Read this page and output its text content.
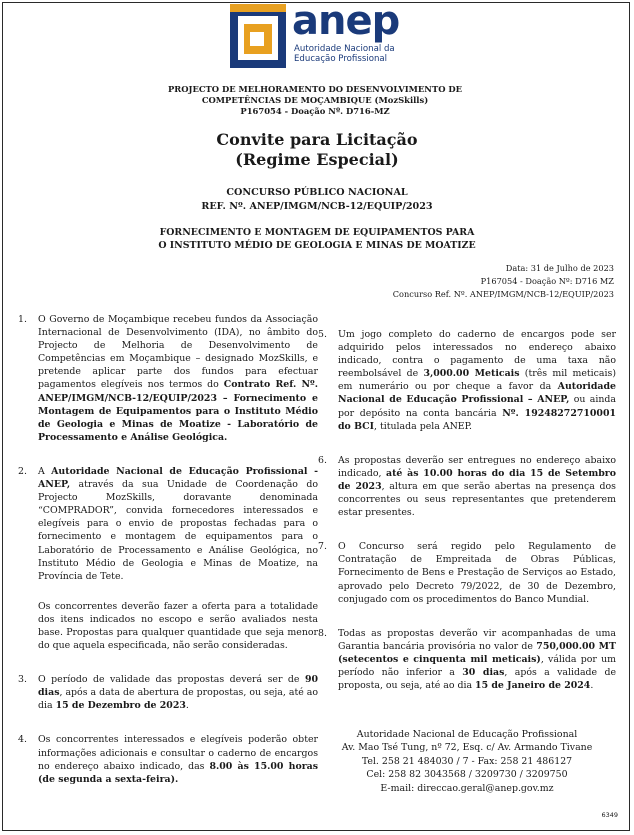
anep
Autoridade Nacional da
Educação Profissional
PROJECTO DE MELHORAMENTO DO DESENVOLVIMENTO DE
COMPETÊNCIAS DE MOÇAMBIQUE (MozSkills)
P167054 - Doação Nº. D716-MZ
Convite para Licitação
(Regime Especial)
CONCURSO PÚBLICO NACIONAL
REF. Nº. ANEP/IMGM/NCB-12/EQUIP/2023
FORNECIMENTO E MONTAGEM DE EQUIPAMENTOS PARA
O INSTITUTO MÉDIO DE GEOLOGIA E MINAS DE MOATIZE
Data: 31 de Julho de 2023
P167054 - Doação Nº: D716 MZ
Concurso Ref. Nº. ANEP/IMGM/NCB-12/EQUIP/2023
1. O Governo de Moçambique recebeu fundos da Associação Internacional de Desenvolvimento (IDA), no âmbito do Projecto de Melhoria de Desenvolvimento de Competências em Moçambique – designado MozSkills, e pretende aplicar parte dos fundos para efectuar pagamentos elegíveis nos termos do Contrato Ref. Nº. ANEP/IMGM/NCB-12/EQUIP/2023 – Fornecimento e Montagem de Equipamentos para o Instituto Médio de Geologia e Minas de Moatize - Laboratório de Processamento e Análise Geológica.

2. A Autoridade Nacional de Educação Profissional - ANEP, através da sua Unidade de Coordenação do Projecto MozSkills, doravante denominada “COMPRADOR”, convida fornecedores interessados e elegíveis para o envio de propostas fechadas para o fornecimento e montagem de equipamentos para o Laboratório de Processamento e Análise Geológica, no Instituto Médio de Geologia e Minas de Moatize, na Província de Tete.

Os concorrentes deverão fazer a oferta para a totalidade dos itens indicados no escopo e serão avaliados nesta base. Propostas para qualquer quantidade que seja menor do que aquela especificada, não serão consideradas.

3. O período de validade das propostas deverá ser de 90 dias, após a data de abertura de propostas, ou seja, até ao dia 15 de Dezembro de 2023.

4. Os concorrentes interessados e elegíveis poderão obter informações adicionais e consultar o caderno de encargos no endereço abaixo indicado, das 8.00 às 15.00 horas (de segunda a sexta-feira).

5. Um jogo completo do caderno de encargos pode ser adquirido pelos interessados no endereço abaixo indicado, contra o pagamento de uma taxa não reembolsável de 3,000.00 Meticais (três mil meticais) em numerário ou por cheque a favor da Autoridade Nacional de Educação Profissional – ANEP, ou ainda por depósito na conta bancária Nº. 19248272710001 do BCI, titulada pela ANEP.

6. As propostas deverão ser entregues no endereço abaixo indicado, até às 10.00 horas do dia 15 de Setembro de 2023, altura em que serão abertas na presença dos concorrentes ou seus representantes que pretenderem estar presentes.

7. O Concurso será regido pelo Regulamento de Contratação de Empreitada de Obras Públicas, Fornecimento de Bens e Prestação de Serviços ao Estado, aprovado pelo Decreto 79/2022, de 30 de Dezembro, conjugado com os procedimentos do Banco Mundial.

8. Todas as propostas deverão vir acompanhadas de uma Garantia bancária provisória no valor de 750,000.00 MT (setecentos e cinquenta mil meticais), válida por um período não inferior a 30 dias, após a validade de proposta, ou seja, até ao dia 15 de Janeiro de 2024.

Autoridade Nacional de Educação Profissional
Av. Mao Tsé Tung, nº 72, Esq. c/ Av. Armando Tivane
Tel. 258 21 484030 / 7 - Fax: 258 21 486127
Cel: 258 82 3043568 / 3209730 / 3209750
E-mail: direccao.geral@anep.gov.mz
6349
